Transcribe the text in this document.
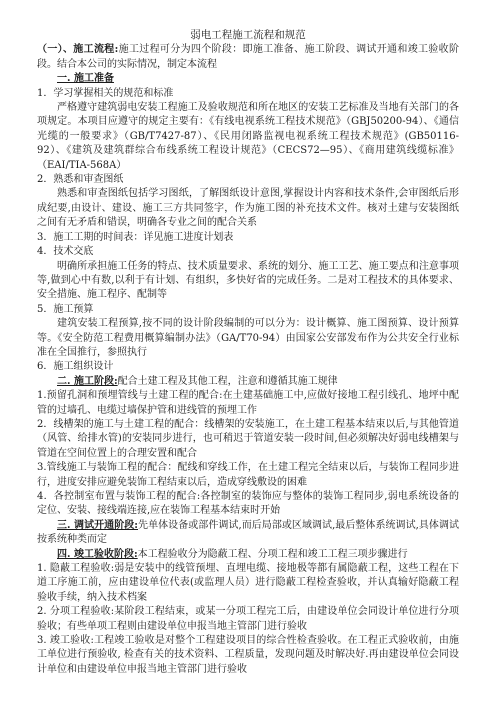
弱电工程施工流程和规范

（一）、施工流程:施工过程可分为四个阶段：即施工准备、施工阶段、调试开通和竣工验收阶段。结合本公司的实际情况，制定本流程

一. 施工准备

1．学习掌握相关的规范和标准

严格遵守建筑弱电安装工程施工及验收规范和所在地区的安装工艺标准及当地有关部门的各项规定。本项目应遵守的规定主要有：《有线电视系统工程技术规范》（GBJ50200-94）、《通信光缆的一般要求》（GB/T7427-87）、《民用闭路监视电视系统工程技术规范》(GB50116-92）、《建筑及建筑群综合布线系统工程设计规范》（CECS72—95）、《商用建筑线缆标准》（EAI/TIA-568A）

2．熟悉和审查图纸

熟悉和审查图纸包括学习图纸，了解图纸设计意图,掌握设计内容和技术条件,会审图纸后形成纪要,由设计、建设、施工三方共同签字，作为施工图的补充技术文件。核对土建与安装图纸之间有无矛盾和错误，明确各专业之间的配合关系

3．施工工期的时间表：详见施工进度计划表

4．技术交底

明确所承担施工任务的特点、技术质量要求、系统的划分、施工工艺、施工要点和注意事项等,做到心中有数,以利于有计划、有组织，多快好省的完成任务。二是对工程技术的具体要求、安全措施、施工程序、配制等

5．施工预算

建筑安装工程预算,按不同的设计阶段编制的可以分为：设计概算、施工图预算、设计预算等。《安全防范工程费用概算编制办法》（GA/T70-94）由国家公安部发布作为公共安全行业标准在全国推行，参照执行

6．施工组织设计

二. 施工阶段:配合土建工程及其他工程，注意和遵循其施工规律

1.预留孔洞和预埋管线与土建工程的配合:在土建基础施工中,应做好接地工程引线孔、地坪中配管的过墙孔、电缆过墙保护管和进线管的预埋工作

2．线槽架的施工与土建工程的配合：线槽架的安装施工，在土建工程基本结束以后,与其他管道（风管、给排水管)的安装同步进行，也可稍迟于管道安装一段时间,但必须解决好弱电线槽架与管道在空间位置上的合理安置和配合

3.管线施工与装饰工程的配合：配线和穿线工作，在土建工程完全结束以后，与装饰工程同步进行，进度安排应避免装饰工程结束以后，造成穿线敷设的困难

4．各控制室布置与装饰工程的配合:各控制室的装饰应与整体的装饰工程同步,弱电系统设备的定位、安装、接线端连接,应在装饰工程基本结束时开始

三. 调试开通阶段:先单体设备或部件调试,而后局部或区域调试,最后整体系统调试,具体调试按系统种类而定

四. 竣工验收阶段:本工程验收分为隐蔽工程、分项工程和竣工工程三项步骤进行

1. 隐蔽工程验收:弱是安装中的线管预埋、直埋电缆、接地极等都有属隐蔽工程，这些工程在下道工序施工前，应由建设单位代表(或监理人员）进行隐蔽工程检查验收，并认真输好隐蔽工程验收手续，纳入技术档案

2. 分项工程验收:某阶段工程结束，或某一分项工程完工后，由建设单位会同设计单位进行分项验收；有些单项工程则由建设单位申报当地主管部门进行验收

3. 竣工验收:工程竣工验收是对整个工程建设项目的综合性检查验收。在工程正式验收前，由施工单位进行预验收, 检查有关的技术资料、工程质量，发现问题及时解决好.再由建设单位会同设计单位和由建设单位申报当地主管部门进行验收
